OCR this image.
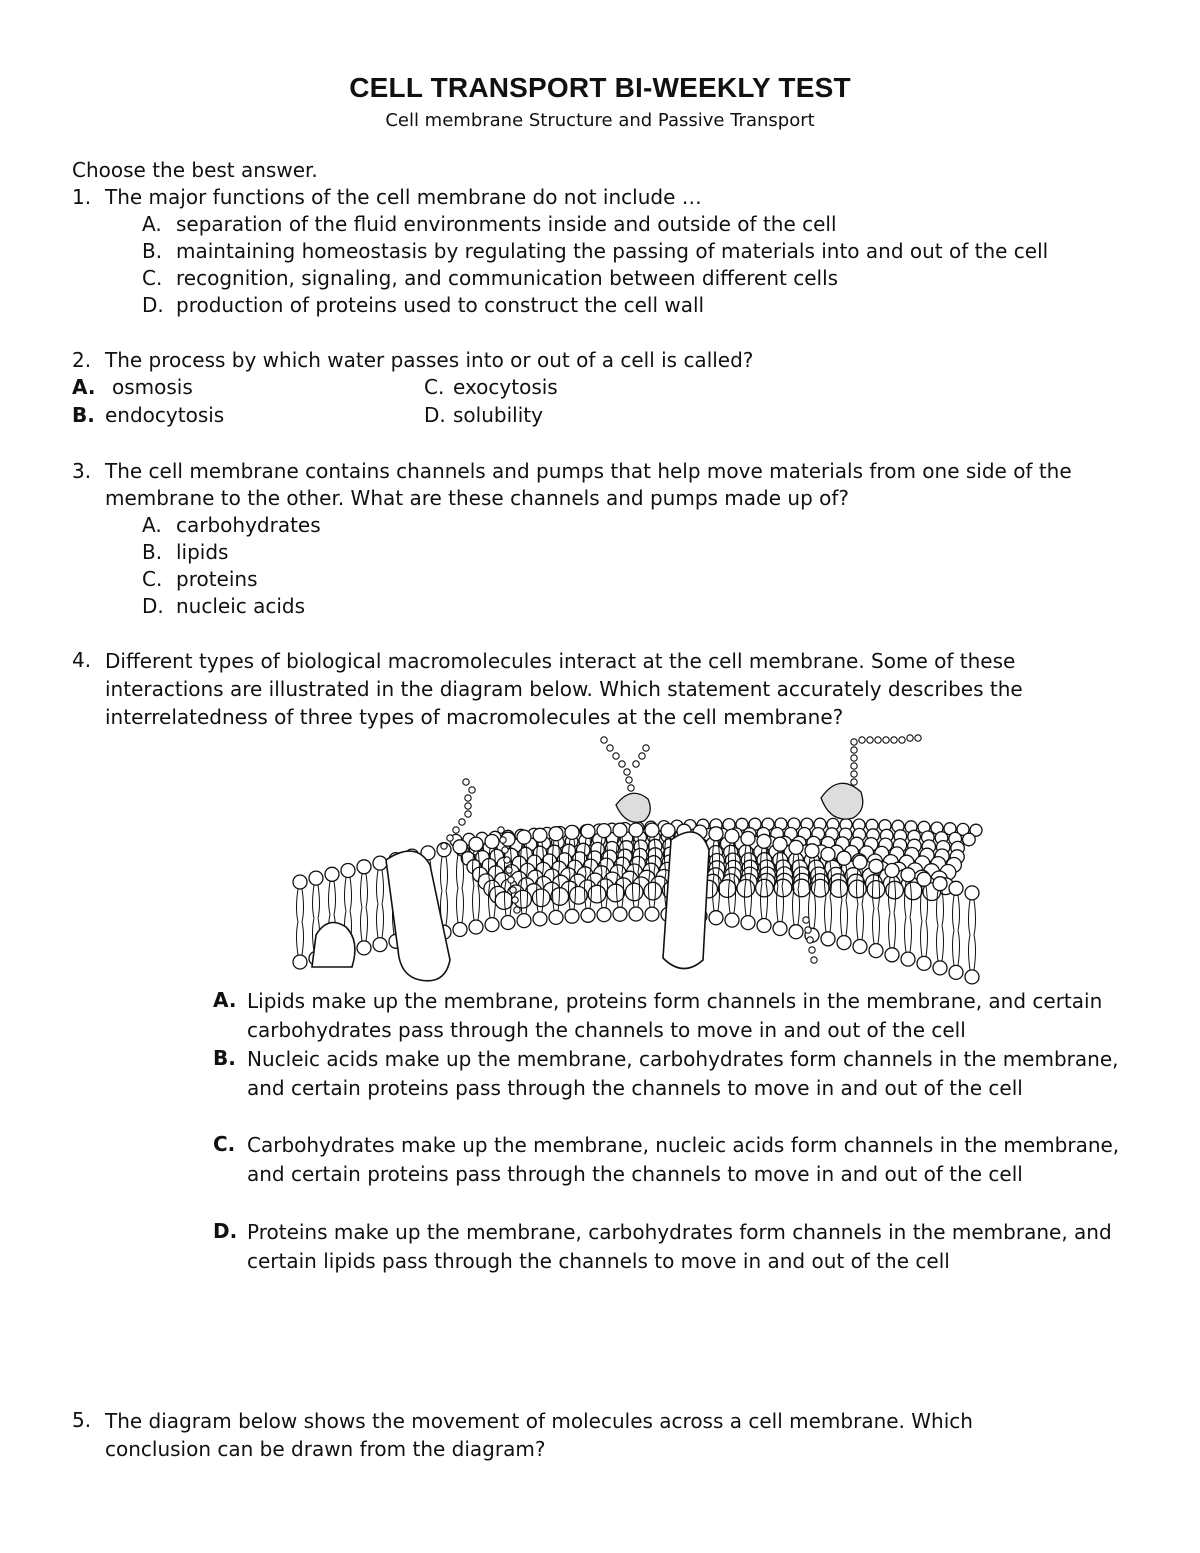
CELL TRANSPORT BI-WEEKLY TEST
Cell membrane Structure and Passive Transport
Choose the best answer.
1. The major functions of the cell membrane do not include …
A. separation of the fluid environments inside and outside of the cell
B. maintaining homeostasis by regulating the passing of materials into and out of the cell
C. recognition, signaling, and communication between different cells
D. production of proteins used to construct the cell wall
2. The process by which water passes into or out of a cell is called?
A. osmosis
B. endocytosis
C. exocytosis
D. solubility
3. The cell membrane contains channels and pumps that help move materials from one side of the
membrane to the other. What are these channels and pumps made up of?
A. carbohydrates
B. lipids
C. proteins
D. nucleic acids
4. Different types of biological macromolecules interact at the cell membrane. Some of these interactions are illustrated in the diagram below. Which statement accurately describes the interrelatedness of three types of macromolecules at the cell membrane?
A. Lipids make up the membrane, proteins form channels in the membrane, and certain carbohydrates pass through the channels to move in and out of the cell
B. Nucleic acids make up the membrane, carbohydrates form channels in the membrane, and certain proteins pass through the channels to move in and out of the cell
C. Carbohydrates make up the membrane, nucleic acids form channels in the membrane, and certain proteins pass through the channels to move in and out of the cell
D. Proteins make up the membrane, carbohydrates form channels in the membrane, and certain lipids pass through the channels to move in and out of the cell
5. The diagram below shows the movement of molecules across a cell membrane. Which conclusion can be drawn from the diagram?
